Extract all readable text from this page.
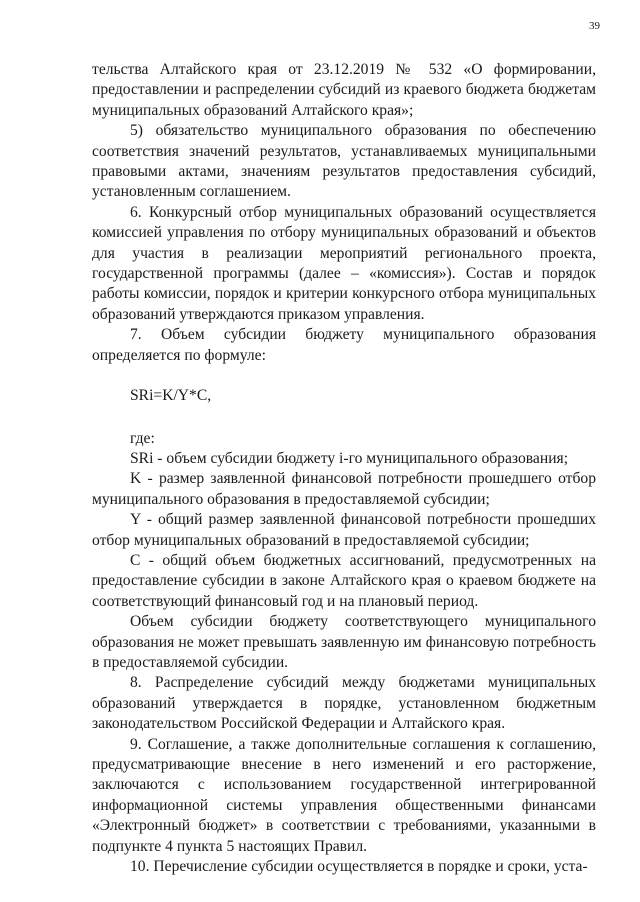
39

тельства Алтайского края от 23.12.2019 № 532 «О формировании, предоставлении и распределении субсидий из краевого бюджета бюджетам муниципальных образований Алтайского края»;

5) обязательство муниципального образования по обеспечению соответствия значений результатов, устанавливаемых муниципальными правовыми актами, значениям результатов предоставления субсидий, установленным соглашением.

6. Конкурсный отбор муниципальных образований осуществляется комиссией управления по отбору муниципальных образований и объектов для участия в реализации мероприятий регионального проекта, государственной программы (далее – «комиссия»). Состав и порядок работы комиссии, порядок и критерии конкурсного отбора муниципальных образований утверждаются приказом управления.

7. Объем субсидии бюджету муниципального образования определяется по формуле:

SRi=K/Y*C,

где:

SRi - объем субсидии бюджету i-го муниципального образования;

K - размер заявленной финансовой потребности прошедшего отбор муниципального образования в предоставляемой субсидии;

Y - общий размер заявленной финансовой потребности прошедших отбор муниципальных образований в предоставляемой субсидии;

C - общий объем бюджетных ассигнований, предусмотренных на предоставление субсидии в законе Алтайского края о краевом бюджете на соответствующий финансовый год и на плановый период.

Объем субсидии бюджету соответствующего муниципального образования не может превышать заявленную им финансовую потребность в предоставляемой субсидии.

8. Распределение субсидий между бюджетами муниципальных образований утверждается в порядке, установленном бюджетным законодательством Российской Федерации и Алтайского края.

9. Соглашение, а также дополнительные соглашения к соглашению, предусматривающие внесение в него изменений и его расторжение, заключаются с использованием государственной интегрированной информационной системы управления общественными финансами «Электронный бюджет» в соответствии с требованиями, указанными в подпункте 4 пункта 5 настоящих Правил.

10. Перечисление субсидии осуществляется в порядке и сроки, уста-
